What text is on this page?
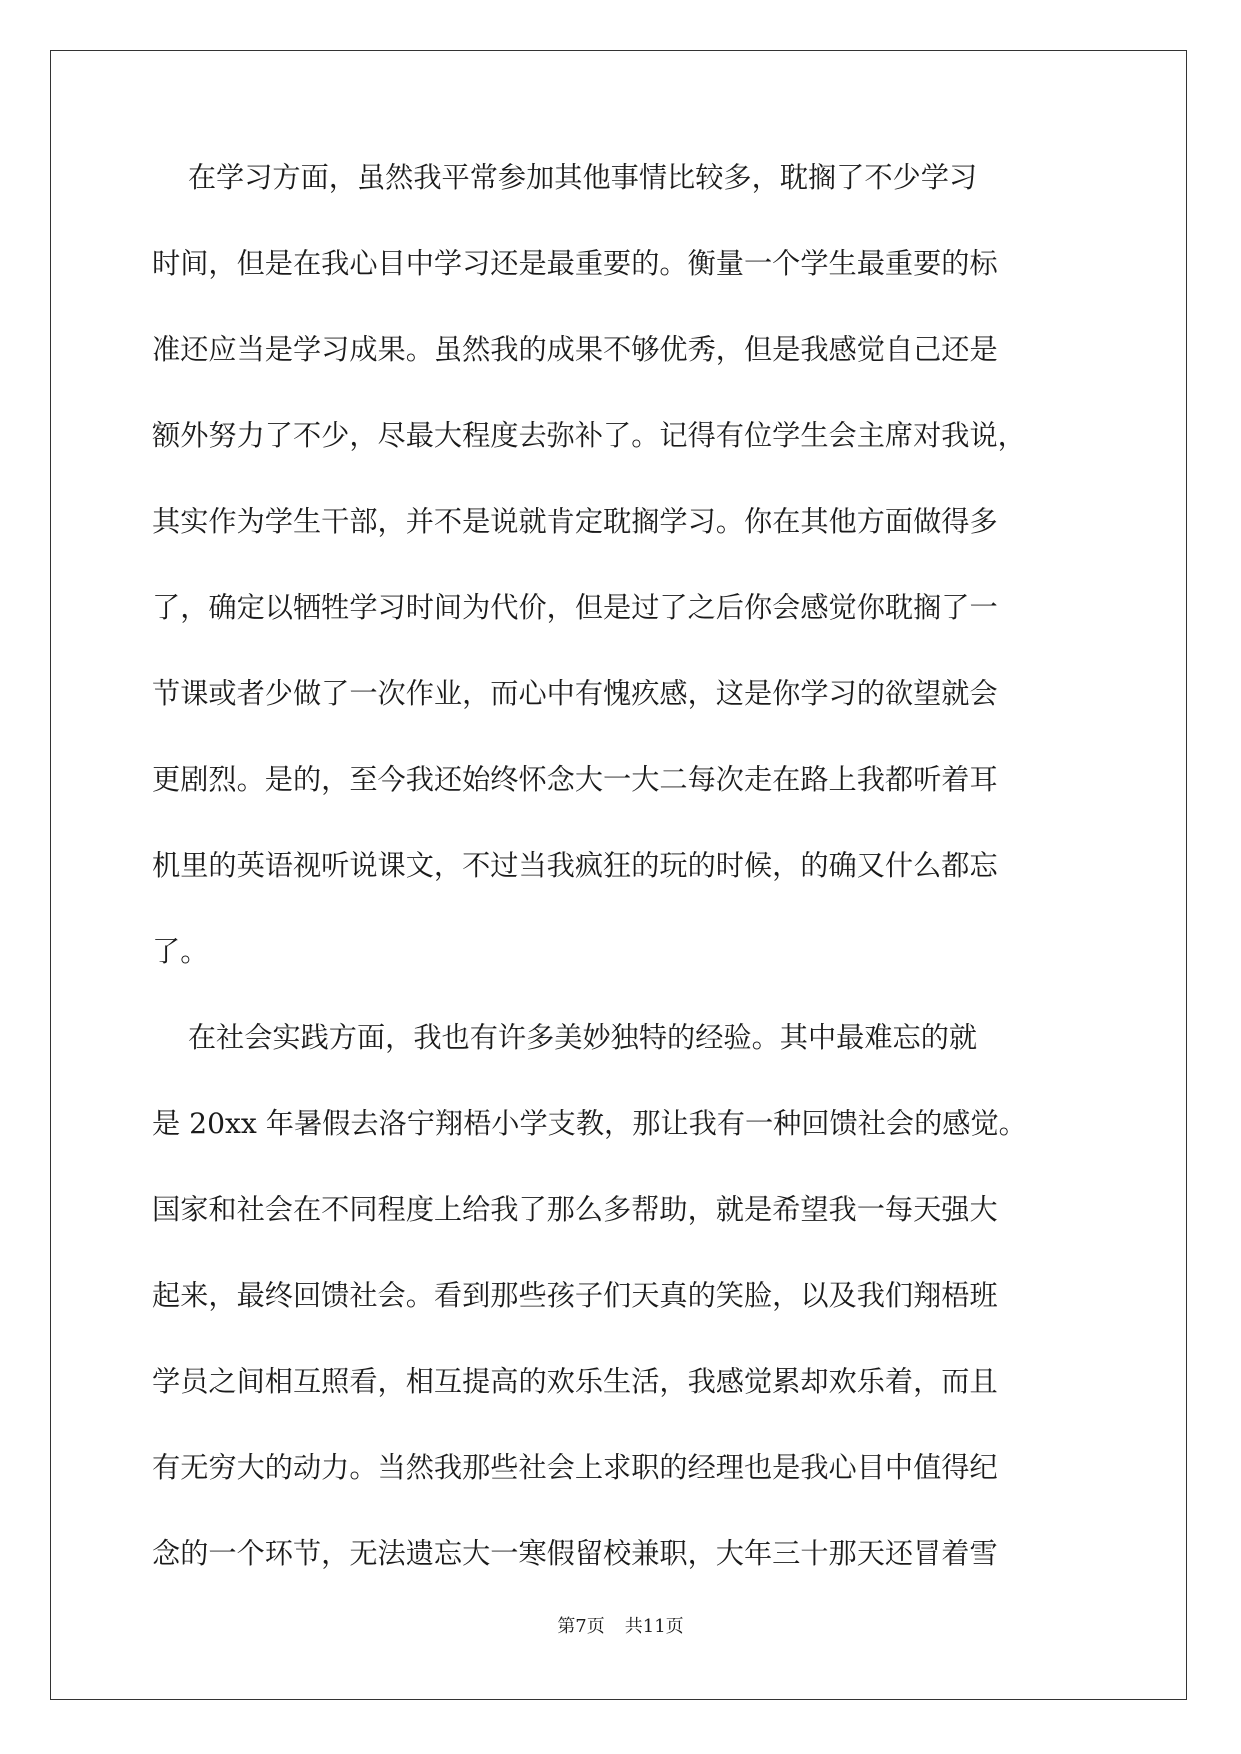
在学习方面，虽然我平常参加其他事情比较多，耽搁了不少学习
时间，但是在我心目中学习还是最重要的。衡量一个学生最重要的标
准还应当是学习成果。虽然我的成果不够优秀，但是我感觉自己还是
额外努力了不少，尽最大程度去弥补了。记得有位学生会主席对我说，
其实作为学生干部，并不是说就肯定耽搁学习。你在其他方面做得多
了，确定以牺牲学习时间为代价，但是过了之后你会感觉你耽搁了一
节课或者少做了一次作业，而心中有愧疚感，这是你学习的欲望就会
更剧烈。是的，至今我还始终怀念大一大二每次走在路上我都听着耳
机里的英语视听说课文，不过当我疯狂的玩的时候，的确又什么都忘
了。
在社会实践方面，我也有许多美妙独特的经验。其中最难忘的就
是 20xx 年暑假去洛宁翔梧小学支教，那让我有一种回馈社会的感觉。
国家和社会在不同程度上给我了那么多帮助，就是希望我一每天强大
起来，最终回馈社会。看到那些孩子们天真的笑脸，以及我们翔梧班
学员之间相互照看，相互提高的欢乐生活，我感觉累却欢乐着，而且
有无穷大的动力。当然我那些社会上求职的经理也是我心目中值得纪
念的一个环节，无法遗忘大一寒假留校兼职，大年三十那天还冒着雪
第7页 共11页
